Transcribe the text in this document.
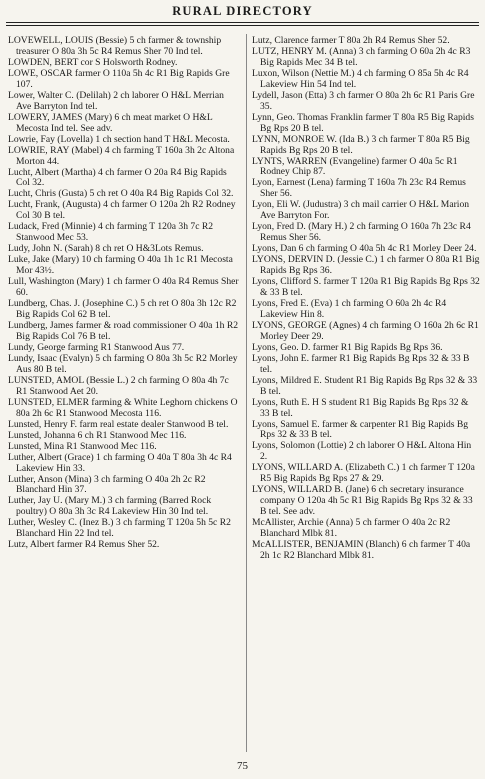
RURAL DIRECTORY
LOVEWELL, LOUIS (Bessie) 5 ch farmer & township treasurer O 80a 3h 5c R4 Remus Sher 70 Ind tel.
LOWDEN, BERT cor S Holsworth Rodney.
LOWE, OSCAR farmer O 110a 5h 4c R1 Big Rapids Gre 107.
Lower, Walter C. (Delilah) 2 ch laborer O H&L Merrian Ave Barryton Ind tel.
LOWERY, JAMES (Mary) 6 ch meat market O H&L Mecosta Ind tel. See adv.
Lowrie, Fay (Lovella) 1 ch section hand T H&L Mecosta.
LOWRIE, RAY (Mabel) 4 ch farming T 160a 3h 2c Altona Morton 44.
Lucht, Albert (Martha) 4 ch farmer O 20a R4 Big Rapids Col 32.
Lucht, Chris (Gusta) 5 ch ret O 40a R4 Big Rapids Col 32.
Lucht, Frank, (Augusta) 4 ch farmer O 120a 2h R2 Rodney Col 30 B tel.
Ludack, Fred (Minnie) 4 ch farming T 120a 3h 7c R2 Stanwood Mec 53.
Ludy, John N. (Sarah) 8 ch ret O H&3Lots Remus.
Luke, Jake (Mary) 10 ch farming O 40a 1h 1c R1 Mecosta Mor 43½.
Lull, Washington (Mary) 1 ch farmer O 40a R4 Remus Sher 60.
Lundberg, Chas. J. (Josephine C.) 5 ch ret O 80a 3h 12c R2 Big Rapids Col 62 B tel.
Lundberg, James farmer & road commissioner O 40a 1h R2 Big Rapids Col 76 B tel.
Lundy, George farming R1 Stanwood Aus 77.
Lundy, Isaac (Evalyn) 5 ch farming O 80a 3h 5c R2 Morley Aus 80 B tel.
LUNSTED, AMOL (Bessie L.) 2 ch farming O 80a 4h 7c R1 Stanwood Aet 20.
LUNSTED, ELMER farming & White Leghorn chickens O 80a 2h 6c R1 Stanwood Mecosta 116.
Lunsted, Henry F. farm real estate dealer Stanwood B tel.
Lunsted, Johanna 6 ch R1 Stanwood Mec 116.
Lunsted, Mina R1 Stanwood Mec 116.
Luther, Albert (Grace) 1 ch farming O 40a T 80a 3h 4c R4 Lakeview Hin 33.
Luther, Anson (Mina) 3 ch farming O 40a 2h 2c R2 Blanchard Hin 37.
Luther, Jay U. (Mary M.) 3 ch farming (Barred Rock poultry) O 80a 3h 3c R4 Lakeview Hin 30 Ind tel.
Luther, Wesley C. (Inez B.) 3 ch farming T 120a 5h 5c R2 Blanchard Hin 22 Ind tel.
Lutz, Albert farmer R4 Remus Sher 52.
Lutz, Clarence farmer T 80a 2h R4 Remus Sher 52.
LUTZ, HENRY M. (Anna) 3 ch farming O 60a 2h 4c R3 Big Rapids Mec 34 B tel.
Luxon, Wilson (Nettie M.) 4 ch farming O 85a 5h 4c R4 Lakeview Hin 54 Ind tel.
Lydell, Jason (Etta) 3 ch farmer O 80a 2h 6c R1 Paris Gre 35.
Lynn, Geo. Thomas Franklin farmer T 80a R5 Big Rapids Bg Rps 20 B tel.
LYNN, MONROE W. (Ida B.) 3 ch farmer T 80a R5 Big Rapids Bg Rps 20 B tel.
LYNTS, WARREN (Evangeline) farmer O 40a 5c R1 Rodney Chip 87.
Lyon, Earnest (Lena) farming T 160a 7h 23c R4 Remus Sher 56.
Lyon, Eli W. (Judustra) 3 ch mail carrier O H&L Marion Ave Barryton For.
Lyon, Fred D. (Mary H.) 2 ch farming O 160a 7h 23c R4 Remus Sher 56.
Lyons, Dan 6 ch farming O 40a 5h 4c R1 Morley Deer 24.
LYONS, DERVIN D. (Jessie C.) 1 ch farmer O 80a R1 Big Rapids Bg Rps 36.
Lyons, Clifford S. farmer T 120a R1 Big Rapids Bg Rps 32 & 33 B tel.
Lyons, Fred E. (Eva) 1 ch farming O 60a 2h 4c R4 Lakeview Hin 8.
LYONS, GEORGE (Agnes) 4 ch farming O 160a 2h 6c R1 Morley Deer 29.
Lyons, Geo. D. farmer R1 Big Rapids Bg Rps 36.
Lyons, John E. farmer R1 Big Rapids Bg Rps 32 & 33 B tel.
Lyons, Mildred E. Student R1 Big Rapids Bg Rps 32 & 33 B tel.
Lyons, Ruth E. H S student R1 Big Rapids Bg Rps 32 & 33 B tel.
Lyons, Samuel E. farmer & carpenter R1 Big Rapids Bg Rps 32 & 33 B tel.
Lyons, Solomon (Lottie) 2 ch laborer O H&L Altona Hin 2.
LYONS, WILLARD A. (Elizabeth C.) 1 ch farmer T 120a R5 Big Rapids Bg Rps 27 & 29.
LYONS, WILLARD B. (Jane) 6 ch secretary insurance company O 120a 4h 5c R1 Big Rapids Bg Rps 32 & 33 B tel. See adv.
McAllister, Archie (Anna) 5 ch farmer O 40a 2c R2 Blanchard Mlbk 81.
McALLISTER, BENJAMIN (Blanch) 6 ch farmer T 40a 2h 1c R2 Blanchard Mlbk 81.
75
